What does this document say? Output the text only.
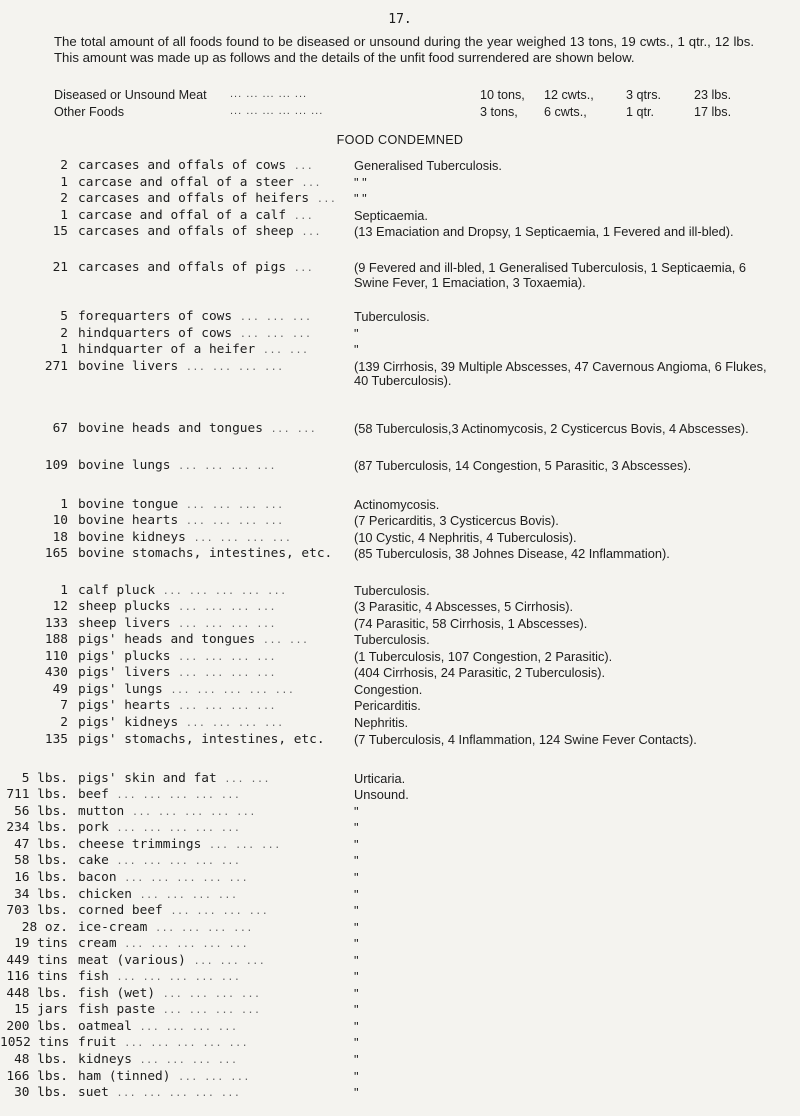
17.
The total amount of all foods found to be diseased or unsound during the year weighed 13 tons, 19 cwts., 1 qtr., 12 lbs. This amount was made up as follows and the details of the unfit food surrendered are shown below.
Diseased or Unsound Meat ... ... ... ... ...	10 tons, 12 cwts.,	3 qtrs.	23 lbs.
Other Foods	... ... ... ... ... ...	3 tons, 6 cwts.,	1 qtr.	17 lbs.
FOOD CONDEMNED
2 carcases and offals of cows ...	Generalised Tuberculosis.
1 carcase and offal of a steer ...	" "
2 carcases and offals of heifers ... " "
1 carcase and offal of a calf ...	Septicaemia.
15 carcases and offals of sheep ...	(13 Emaciation and Dropsy, 1 Septicaemia, 1 Fevered and ill-bled).
21 carcases and offals of pigs ...	(9 Fevered and ill-bled, 1 Generalised Tuberculosis, 1 Septicaemia, 6 Swine Fever, 1 Emaciation, 3 Toxaemia).
5 forequarters of cows ... ... ...	Tuberculosis.
2 hindquarters of cows ... ... ...	"
1 hindquarter of a heifer ... ...	"
271 bovine livers ... ... ... ...	(139 Cirrhosis, 39 Multiple Abscesses, 47 Cavernous Angioma, 6 Flukes, 40 Tuberculosis).
67 bovine heads and tongues ... ...	(58 Tuberculosis,3 Actinomycosis, 2 Cysticercus Bovis, 4 Abscesses).
109 bovine lungs ... ... ... ...	(87 Tuberculosis, 14 Congestion, 5 Parasitic, 3 Abscesses).
1 bovine tongue ... ... ... ...	Actinomycosis.
10 bovine hearts ... ... ... ...	(7 Pericarditis, 3 Cysticercus Bovis).
18 bovine kidneys ... ... ... ...	(10 Cystic, 4 Nephritis, 4 Tuberculosis).
165 bovine stomachs, intestines, etc. (85 Tuberculosis, 38 Johnes Disease, 42 Inflammation).
1 calf pluck ... ... ... ... ...	Tuberculosis.
12 sheep plucks ... ... ... ...	(3 Parasitic, 4 Abscesses, 5 Cirrhosis).
133 sheep livers ... ... ... ...	(74 Parasitic, 58 Cirrhosis, 1 Abscesses).
188 pigs' heads and tongues ... ...	Tuberculosis.
110 pigs' plucks ... ... ... ...	(1 Tuberculosis, 107 Congestion, 2 Parasitic).
430 pigs' livers ... ... ... ...	(404 Cirrhosis, 24 Parasitic, 2 Tuberculosis).
49 pigs' lungs ... ... ... ... ...	Congestion.
7 pigs' hearts ... ... ... ...	Pericarditis.
2 pigs' kidneys ... ... ... ...	Nephritis.
135 pigs' stomachs, intestines, etc. (7 Tuberculosis, 4 Inflammation, 124 Swine Fever Contacts).
5 lbs. pigs' skin and fat ... ...	Urticaria.
711 lbs. beef ... ... ... ... ...	Unsound.
56 lbs. mutton ... ... ... ... ...	"
234 lbs. pork ... ... ... ... ...	"
47 lbs. cheese trimmings ... ... ...	"
58 lbs. cake ... ... ... ... ...	"
16 lbs. bacon ... ... ... ... ...	"
34 lbs. chicken ... ... ... ...	"
703 lbs. corned beef ... ... ... ...	"
28 oz. ice-cream ... ... ... ...	"
19 tins cream ... ... ... ... ...	"
449 tins meat (various) ... ... ...	"
116 tins fish ... ... ... ... ...	"
448 lbs. fish (wet) ... ... ... ...	"
15 jars fish paste ... ... ... ...	"
200 lbs. oatmeal ... ... ... ...	"
1052 tins fruit ... ... ... ... ...	"
48 lbs. kidneys ... ... ... ...	"
166 lbs. ham (tinned) ... ... ...	"
30 lbs. suet ... ... ... ... ...	"
